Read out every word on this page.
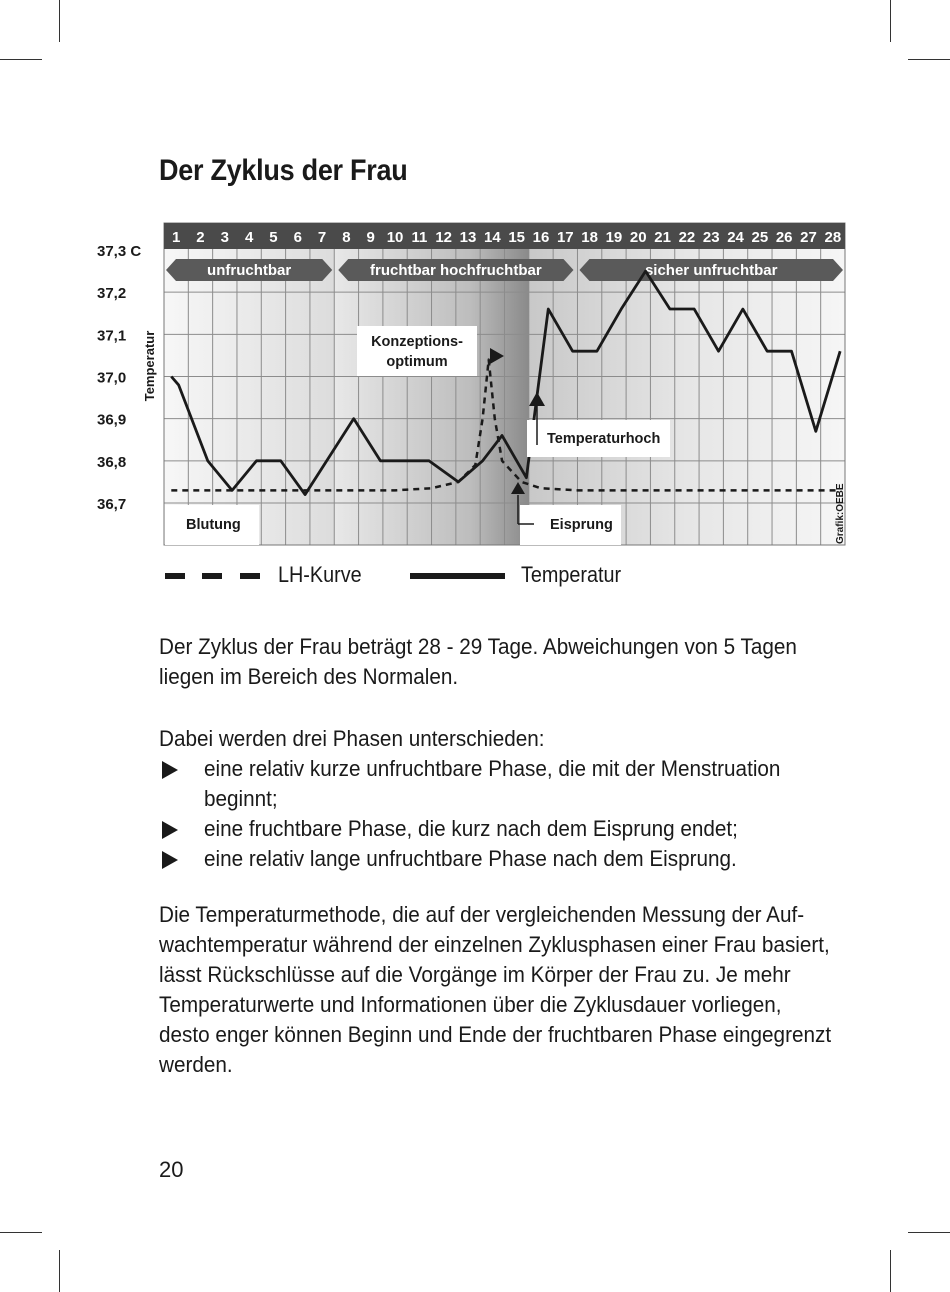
Der Zyklus der Frau
1 2 3 4 5 6 7 8 9 10 11 12 13 14 15 16 17 18 19 20 21 22 23 24 25 26 27 28
unfruchtbar	fruchtbar hochfruchtbar	sicher unfruchtbar
Konzeptions-
optimum
Temperaturhoch
Eisprung
Blutung	Grafik:OEBE
37,3 C
37,2
37,1
37,0
36,9
36,8
36,7
Temperatur
LH-Kurve	Temperatur

Der Zyklus der Frau beträgt 28 - 29 Tage. Abweichungen von 5 Tagen

liegen im Bereich des Normalen.

Dabei werden drei Phasen unterschieden:

eine relativ kurze unfruchtbare Phase, die mit der Menstruation
beginnt;
eine fruchtbare Phase, die kurz nach dem Eisprung endet;
eine relativ lange unfruchtbare Phase nach dem Eisprung.

Die Temperaturmethode, die auf der vergleichenden Messung der Auf-

wachtemperatur während der einzelnen Zyklusphasen einer Frau basiert,

lässt Rückschlüsse auf die Vorgänge im Körper der Frau zu. Je mehr

Temperaturwerte und Informationen über die Zyklusdauer vorliegen,

desto enger können Beginn und Ende der fruchtbaren Phase eingegrenzt

werden.

20
